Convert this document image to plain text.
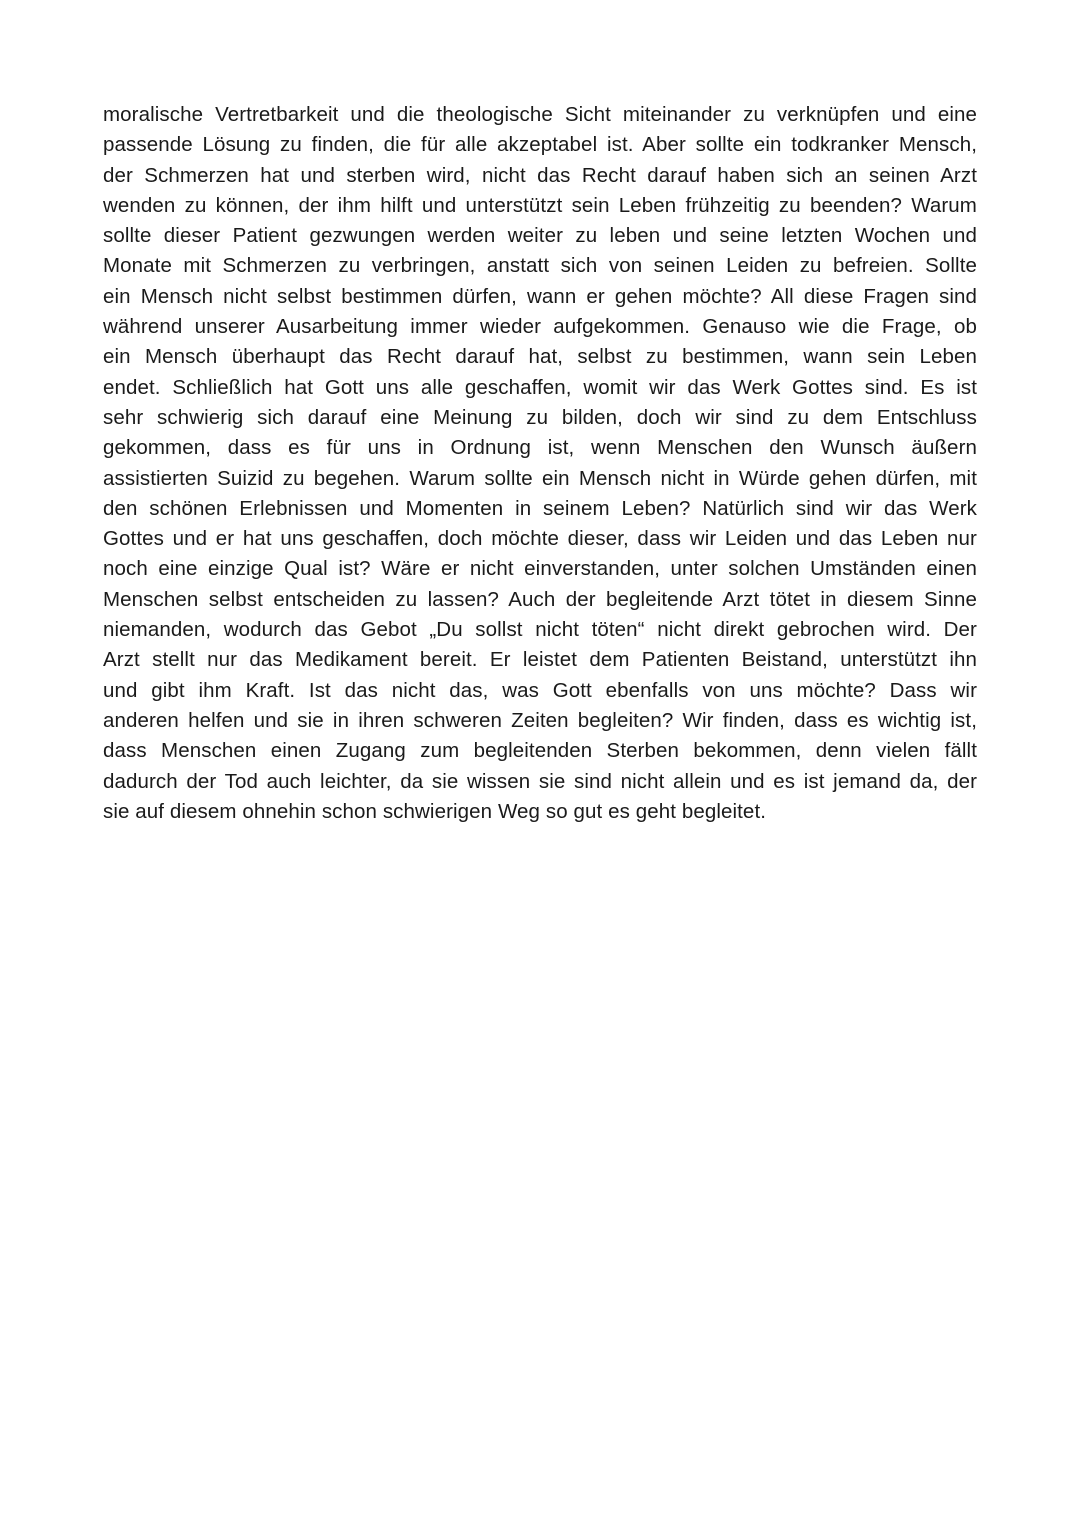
moralische Vertretbarkeit und die theologische Sicht miteinander zu verknüpfen und eine
passende Lösung zu finden, die für alle akzeptabel ist. Aber sollte ein todkranker Mensch,
der Schmerzen hat und sterben wird, nicht das Recht darauf haben sich an seinen Arzt
wenden zu können, der ihm hilft und unterstützt sein Leben frühzeitig zu beenden? Warum
sollte dieser Patient gezwungen werden weiter zu leben und seine letzten Wochen und
Monate mit Schmerzen zu verbringen, anstatt sich von seinen Leiden zu befreien. Sollte
ein Mensch nicht selbst bestimmen dürfen, wann er gehen möchte? All diese Fragen sind
während unserer Ausarbeitung immer wieder aufgekommen. Genauso wie die Frage, ob
ein Mensch überhaupt das Recht darauf hat, selbst zu bestimmen, wann sein Leben
endet. Schließlich hat Gott uns alle geschaffen, womit wir das Werk Gottes sind. Es ist
sehr schwierig sich darauf eine Meinung zu bilden, doch wir sind zu dem Entschluss
gekommen, dass es für uns in Ordnung ist, wenn Menschen den Wunsch äußern
assistierten Suizid zu begehen. Warum sollte ein Mensch nicht in Würde gehen dürfen, mit
den schönen Erlebnissen und Momenten in seinem Leben? Natürlich sind wir das Werk
Gottes und er hat uns geschaffen, doch möchte dieser, dass wir Leiden und das Leben nur
noch eine einzige Qual ist? Wäre er nicht einverstanden, unter solchen Umständen einen
Menschen selbst entscheiden zu lassen? Auch der begleitende Arzt tötet in diesem Sinne
niemanden, wodurch das Gebot „Du sollst nicht töten“ nicht direkt gebrochen wird. Der
Arzt stellt nur das Medikament bereit. Er leistet dem Patienten Beistand, unterstützt ihn
und gibt ihm Kraft. Ist das nicht das, was Gott ebenfalls von uns möchte? Dass wir
anderen helfen und sie in ihren schweren Zeiten begleiten? Wir finden, dass es wichtig ist,
dass Menschen einen Zugang zum begleitenden Sterben bekommen, denn vielen fällt
dadurch der Tod auch leichter, da sie wissen sie sind nicht allein und es ist jemand da, der
sie auf diesem ohnehin schon schwierigen Weg so gut es geht begleitet.
